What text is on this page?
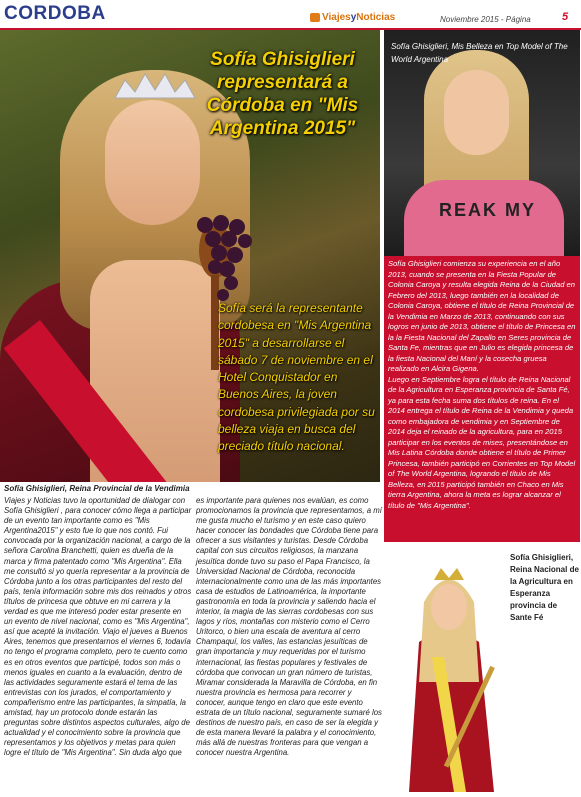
CORDOBA	Viajes y Noticias	Noviembre 2015 - Página	5
Sofía Ghisiglieri representará a Córdoba en "Mis Argentina 2015"
Sofía será la representante cordobesa en "Mis Argentina 2015" a desarrollarse el sábado 7 de noviembre en el Hotel Conquistador en Buenos Aires, la joven cordobesa privilegiada por su belleza viaja en busca del preciado título nacional.
Sofía Ghisiglieri, Reina Provincial de la Vendimia
REAK MY
Sofía Ghisiglieri, Mis Belleza en Top Model of The World Argentina

Sofía Ghisiglieri comienza su experiencia en el año 2013, cuando se presenta en la Fiesta Popular de Colonia Caroya y resulta elegida Reina de la Ciudad en Febrero del 2013, luego también en la localidad de Colonia Caroya, obtiene el título de Reina Provincial de la Vendimia en Marzo de 2013, continuando con sus logros en junio de 2013, obtiene el título de Princesa en la la Fiesta Nacional del Zapallo en Seres provincia de Santa Fe, mientras que en Julio es elegida princesa de la fiesta Nacional del Maní y la cosecha gruesa realizado en Alcira Gigena.

Luego en Septiembre logra el título de Reina Nacional de la Agricultura en Esperanza provincia de Santa Fé, ya para esta fecha suma dos títulos de reina. En el 2014 entrega el título de Reina de la Vendimia y queda como embajadora de vendimia y en Septiembre de 2014 deja el reinado de la agricultura, para en 2015 participar en los eventos de mises, presentándose en Mis Latina Córdoba donde obtiene el título de Primer Princesa, también participó en Corrientes en Top Model of The World Argentina, logrando el título de Mis Belleza, en 2015 participó también en Chaco en Mis tierra Argentina, ahora la meta es lograr alcanzar el título de "Mis Argentina".

Sofía Ghisiglieri, Reina Nacional de la Agricultura en Esperanza provincia de Sante Fé

Viajes y Noticias tuvo la oportunidad de dialogar con Sofía Ghisiglieri , para conocer cómo llega a participar de un evento tan importante como es "Mis Argentina2015" y esto fue lo que nos contó. Fui convocada por la organización nacional, a cargo de la señora Carolina Branchetti, quien es dueña de la marca y firma patentado como "Mis Argentina". Ella me consultó si yo quería representar a la provincia de Córdoba junto a los otras participantes del resto del país, tenía información sobre mis dos reinados y otros títulos de princesa que obtuve en mi carrera y la verdad es que me interesó poder estar presente en un evento de nivel nacional, como es "Mis Argentina", así que acepté la invitación. Viajo el jueves a Buenos Aires, tenemos que presentarnos el viernes 6, todavía no tengo el programa completo, pero te cuento como es en otros eventos que participé, todos son más o menos iguales en cuanto a la evaluación, dentro de las actividades seguramente estará el tema de las entrevistas con los jurados, el comportamiento y compañerismo entre las participantes, la simpatía, la amistad, hay un protocolo donde estarán las preguntas sobre distintos aspectos culturales, algo de actualidad y el conocimiento sobre la provincia que representamos y los objetivos y metas para quien logre el título de "Mis Argentina". Sin duda algo que

es importante para quienes nos evalúan, es como promocionamos la provincia que representamos, a mí me gusta mucho el turismo y en este caso quiero hacer conocer las bondades que Córdoba tiene para ofrecer a sus visitantes y turistas. Desde Córdoba capital con sus circuitos religiosos, la manzana jesuítica donde tuvo su paso el Papa Francisco, la Universidad Nacional de Córdoba, reconocida internacionalmente como una de las más importantes casa de estudios de Latinoamérica, la importante gastronomía en toda la provincia y saliendo hacia el interior, la magia de las sierras cordobesas con sus lagos y ríos, montañas con misterio como el Cerro Uritorco, o bien una escala de aventura al cerro Champaquí, los valles, las estancias jesuíticas de gran importancia y muy requeridas por el turismo internacional, las fiestas populares y festivales de córdoba que convocan un gran número de turistas, Miramar considerada la Maravilla de Córdoba, en fin nuestra provincia es hermosa para recorrer y conocer, aunque tengo en claro que este evento estrata de un título nacional, seguramente sumaré los destinos de nuestro país, en caso de ser la elegida y de esta manera llevaré la palabra y el conocimiento, más allá de nuestras fronteras para que vengan a conocer nuestra Argentina.
